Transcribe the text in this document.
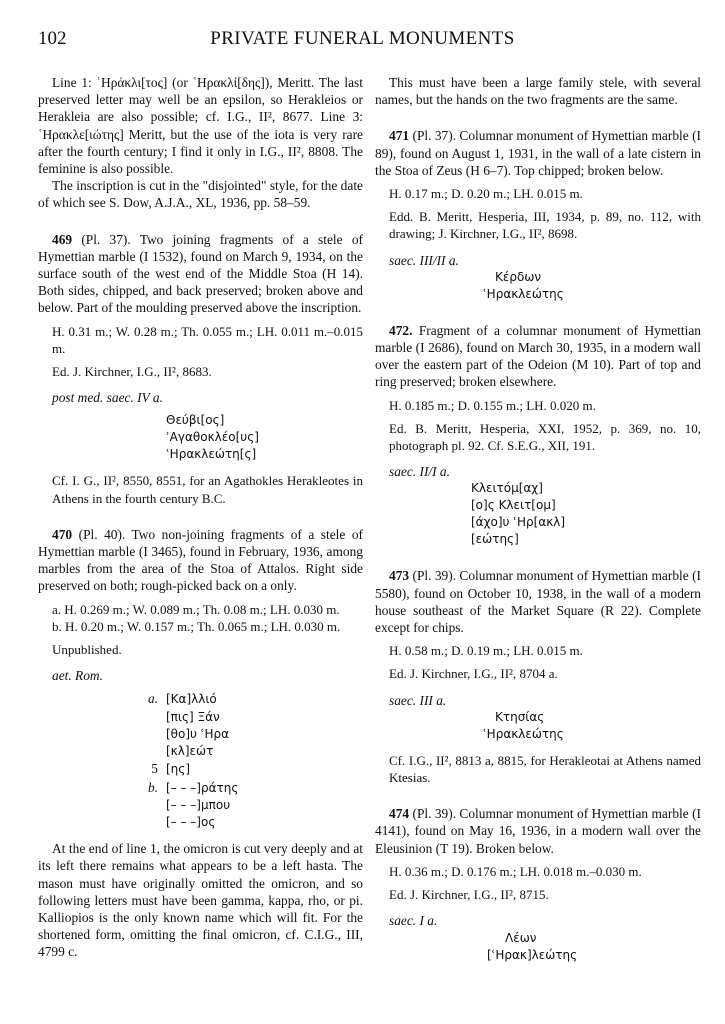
102	PRIVATE FUNERAL MONUMENTS

Line 1: ʿΗράκλι[τος] (or ʿΗρακλί[δης]), Meritt. The last preserved letter may well be an epsilon, so Herakleios or Herakleia are also possible; cf. I.G., II², 8677. Line 3: ʿΗρακλε[ιώτης] Meritt, but the use of the iota is very rare after the fourth century; I find it only in I.G., II², 8808. The feminine is also possible.

The inscription is cut in the "disjointed" style, for the date of which see S. Dow, A.J.A., XL, 1936, pp. 58–59.

469 (Pl. 37). Two joining fragments of a stele of Hymettian marble (I 1532), found on March 9, 1934, on the surface south of the west end of the Middle Stoa (H 14). Both sides, chipped, and back preserved; broken above and below. Part of the moulding preserved above the inscription.

H. 0.31 m.; W. 0.28 m.; Th. 0.055 m.; LH. 0.011 m.–0.015 m.

Ed. J. Kirchner, I.G., II², 8683.

post med. saec. IV a.

Θεύβι[ος]
ʾΑγαθοκλέο[υς]
ʿΗρακλεώτη[ς]

Cf. I. G., II², 8550, 8551, for an Agathokles Herakleotes in Athens in the fourth century B.C.

470 (Pl. 40). Two non-joining fragments of a stele of Hymettian marble (I 3465), found in February, 1936, among marbles from the area of the Stoa of Attalos. Right side preserved on both; rough-picked back on a only.

a. H. 0.269 m.; W. 0.089 m.; Th. 0.08 m.; LH. 0.030 m.

b. H. 0.20 m.; W. 0.157 m.; Th. 0.065 m.; LH. 0.030 m.

Unpublished.

aet. Rom.

a. [Κα]λλιό
[πις] Ξάν
[θο]υ ʿΗρα
[κλ]εώτ
5 [ης]
b. [– – –]ράτης
[– – –]μπου
[– – –]ος

At the end of line 1, the omicron is cut very deeply and at its left there remains what appears to be a left hasta. The mason must have originally omitted the omicron, and so following letters must have been gamma, kappa, rho, or pi. Kalliopios is the only known name which will fit. For the shortened form, omitting the final omicron, cf. C.I.G., III, 4799 c.

This must have been a large family stele, with several names, but the hands on the two fragments are the same.

471 (Pl. 37). Columnar monument of Hymettian marble (I 89), found on August 1, 1931, in the wall of a late cistern in the Stoa of Zeus (H 6–7). Top chipped; broken below.

H. 0.17 m.; D. 0.20 m.; LH. 0.015 m.

Edd. B. Meritt, Hesperia, III, 1934, p. 89, no. 112, with drawing; J. Kirchner, I.G., II², 8698.

saec. III/II a.

Κέρδων
ʿΗρακλεώτης

472. Fragment of a columnar monument of Hymettian marble (I 2686), found on March 30, 1935, in a modern wall over the eastern part of the Odeion (M 10). Part of top and ring preserved; broken elsewhere.

H. 0.185 m.; D. 0.155 m.; LH. 0.020 m.

Ed. B. Meritt, Hesperia, XXI, 1952, p. 369, no. 10, photograph pl. 92. Cf. S.E.G., XII, 191.

saec. II/I a.

Κλειτόμ[αχ]
[ο]ς Κλειτ[ομ]
[άχο]υ ʿΗρ[ακλ]
[εώτης]

473 (Pl. 39). Columnar monument of Hymettian marble (I 5580), found on October 10, 1938, in the wall of a modern house southeast of the Market Square (R 22). Complete except for chips.

H. 0.58 m.; D. 0.19 m.; LH. 0.015 m.

Ed. J. Kirchner, I.G., II², 8704 a.

saec. III a.

Κτησίας
ʿΗρακλεώτης

Cf. I.G., II², 8813 a, 8815, for Herakleotai at Athens named Ktesias.

474 (Pl. 39). Columnar monument of Hymettian marble (I 4141), found on May 16, 1936, in a modern wall over the Eleusinion (T 19). Broken below.

H. 0.36 m.; D. 0.176 m.; LH. 0.018 m.–0.030 m.

Ed. J. Kirchner, I.G., II², 8715.

saec. I a.

Λέων
[ʿΗρακ]λεώτης
